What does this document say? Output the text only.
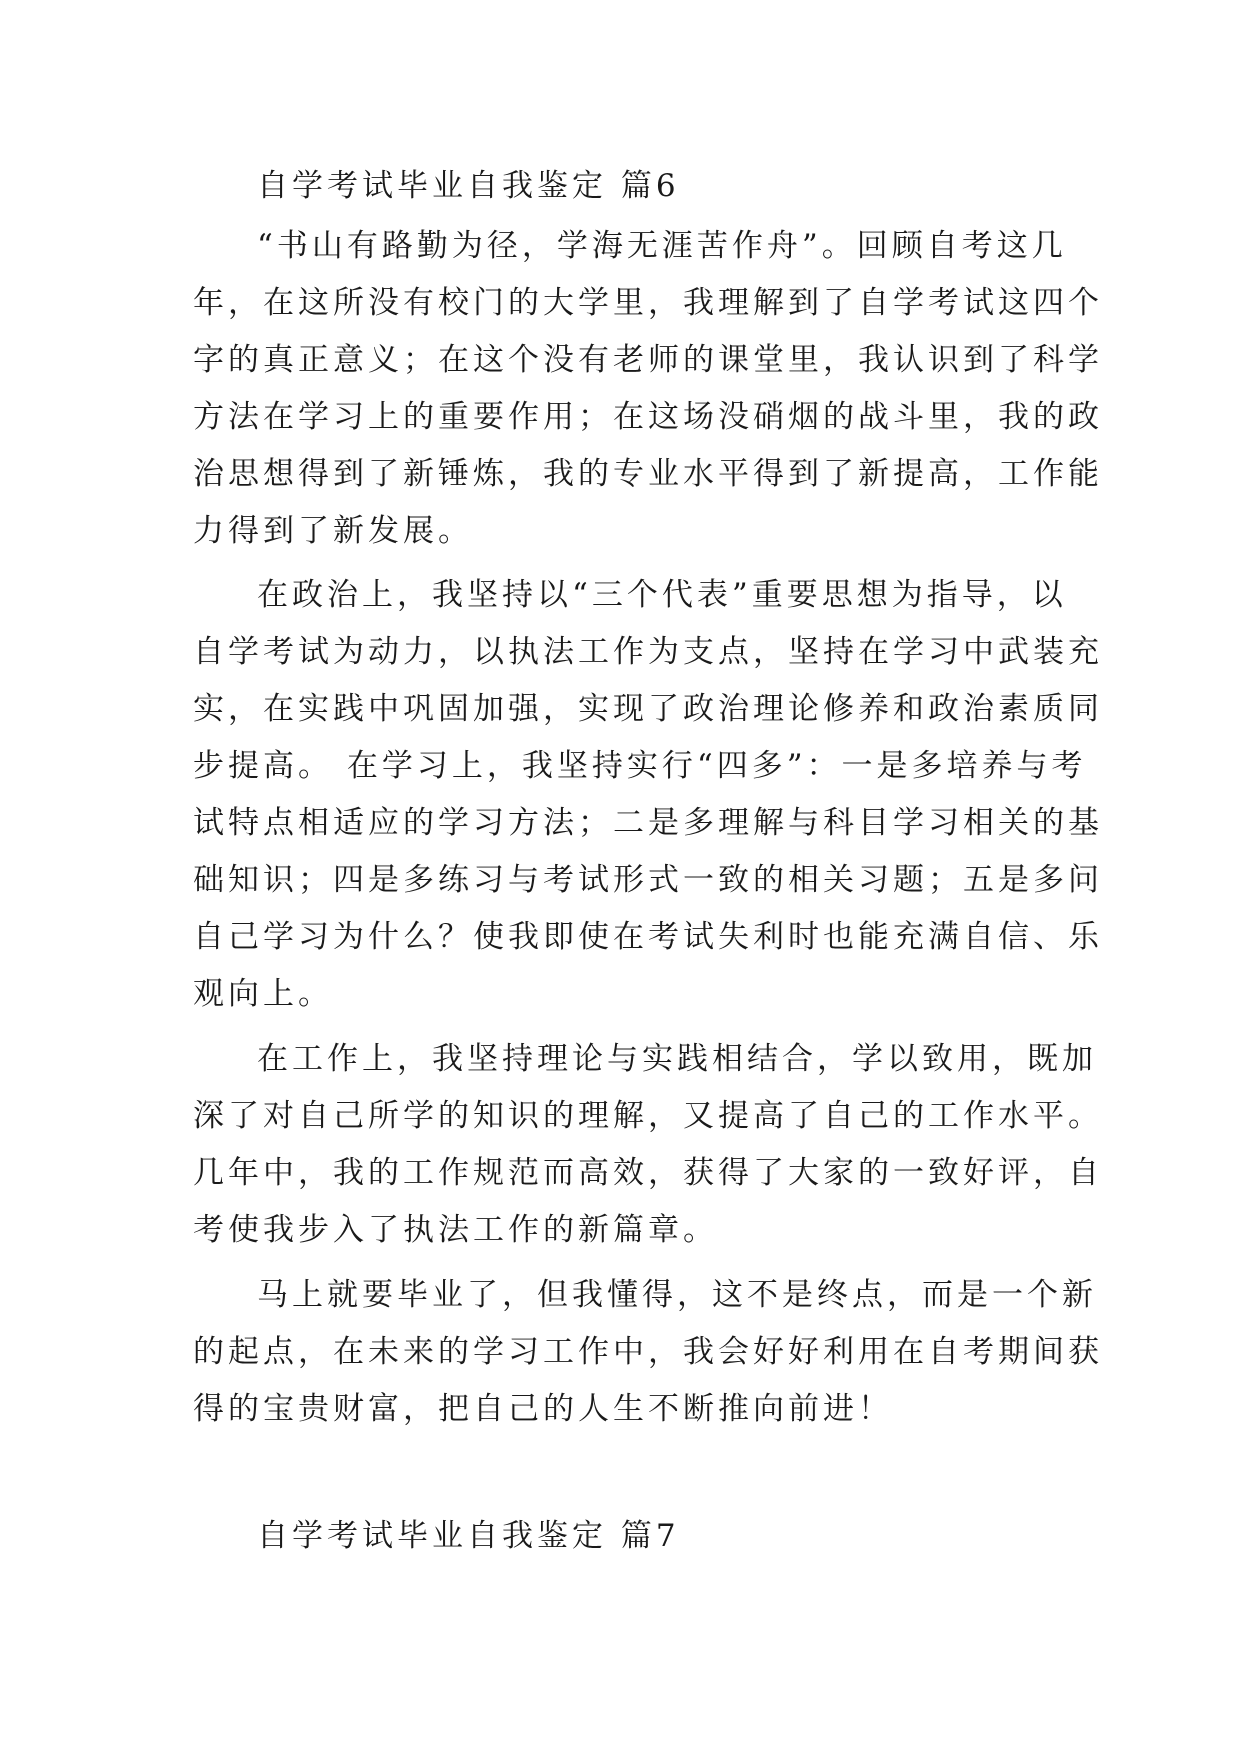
自学考试毕业自我鉴定 篇6
“书山有路勤为径，学海无涯苦作舟”。回顾自考这几
年，在这所没有校门的大学里，我理解到了自学考试这四个
字的真正意义；在这个没有老师的课堂里，我认识到了科学
方法在学习上的重要作用；在这场没硝烟的战斗里，我的政
治思想得到了新锤炼，我的专业水平得到了新提高，工作能
力得到了新发展。
在政治上，我坚持以“三个代表”重要思想为指导，以
自学考试为动力，以执法工作为支点，坚持在学习中武装充
实，在实践中巩固加强，实现了政治理论修养和政治素质同
步提高。 在学习上，我坚持实行“四多”：一是多培养与考
试特点相适应的学习方法；二是多理解与科目学习相关的基
础知识；四是多练习与考试形式一致的相关习题；五是多问
自己学习为什么？使我即使在考试失利时也能充满自信、乐
观向上。
在工作上，我坚持理论与实践相结合，学以致用，既加
深了对自己所学的知识的理解，又提高了自己的工作水平。
几年中，我的工作规范而高效，获得了大家的一致好评，自
考使我步入了执法工作的新篇章。
马上就要毕业了，但我懂得，这不是终点，而是一个新
的起点，在未来的学习工作中，我会好好利用在自考期间获
得的宝贵财富，把自己的人生不断推向前进！
自学考试毕业自我鉴定 篇7
